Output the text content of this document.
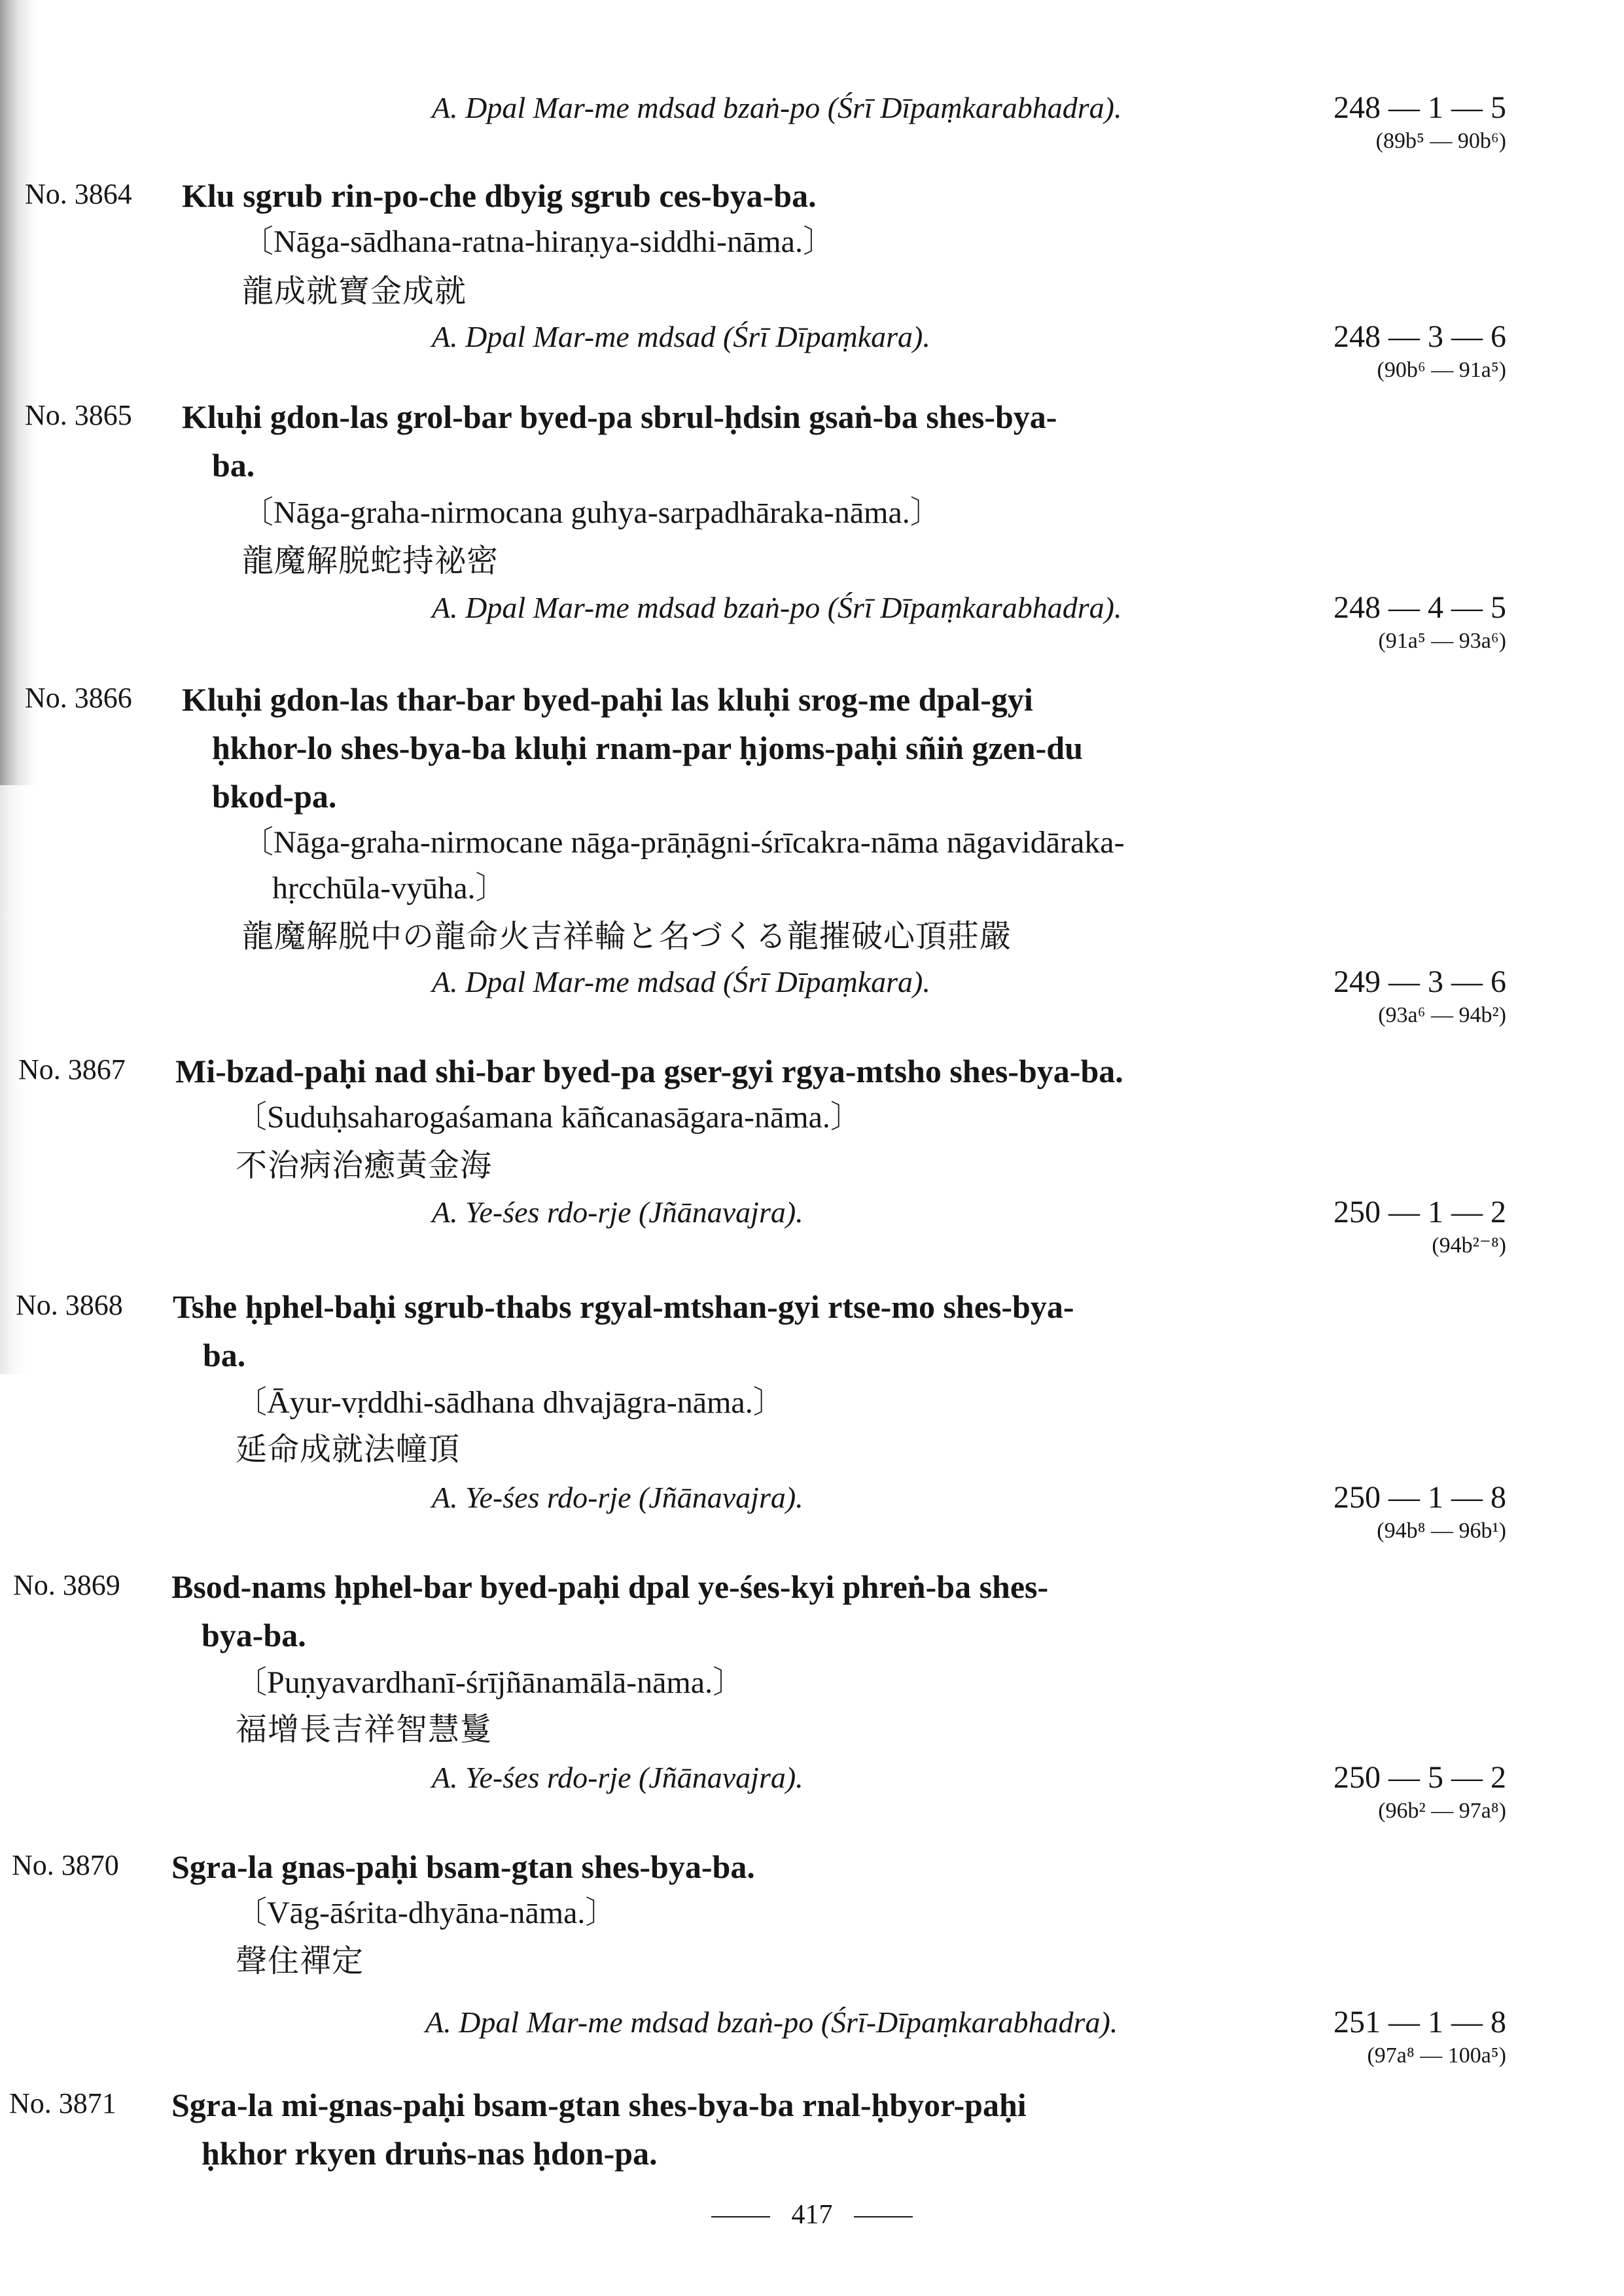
A. Dpal Mar-me mdsad bzaṅ-po (Śrī Dīpaṃkarabhadra).	248 — 1 — 5
(89b⁵ — 90b⁶)
No. 3864	Klu sgrub rin-po-che dbyig sgrub ces-bya-ba.
〔Nāga-sādhana-ratna-hiraṇya-siddhi-nāma.〕
龍成就寶金成就
A. Dpal Mar-me mdsad (Śrī Dīpaṃkara).	248 — 3 — 6
(90b⁶ — 91a⁵)
No. 3865	Kluḥi gdon-las grol-bar byed-pa sbrul-ḥdsin gsaṅ-ba shes-bya-
ba.
〔Nāga-graha-nirmocana guhya-sarpadhāraka-nāma.〕
龍魔解脱蛇持祕密
A. Dpal Mar-me mdsad bzaṅ-po (Śrī Dīpaṃkarabhadra).	248 — 4 — 5
(91a⁵ — 93a⁶)
No. 3866	Kluḥi gdon-las thar-bar byed-paḥi las kluḥi srog-me dpal-gyi
ḥkhor-lo shes-bya-ba kluḥi rnam-par ḥjoms-paḥi sñiṅ gzen-du
bkod-pa.
〔Nāga-graha-nirmocane nāga-prāṇāgni-śrīcakra-nāma nāgavidāraka-
hṛcchūla-vyūha.〕
龍魔解脱中の龍命火吉祥輪と名づくる龍摧破心頂莊嚴
A. Dpal Mar-me mdsad (Śrī Dīpaṃkara).	249 — 3 — 6
(93a⁶ — 94b²)
No. 3867	Mi-bzad-paḥi nad shi-bar byed-pa gser-gyi rgya-mtsho shes-bya-ba.
〔Suduḥsaharogaśamana kāñcanasāgara-nāma.〕
不治病治癒黃金海
A. Ye-śes rdo-rje (Jñānavajra).	250 — 1 — 2
(94b²⁻⁸)
No. 3868	Tshe ḥphel-baḥi sgrub-thabs rgyal-mtshan-gyi rtse-mo shes-bya-
ba.
〔Āyur-vṛddhi-sādhana dhvajāgra-nāma.〕
延命成就法幢頂
A. Ye-śes rdo-rje (Jñānavajra).	250 — 1 — 8
(94b⁸ — 96b¹)
No. 3869	Bsod-nams ḥphel-bar byed-paḥi dpal ye-śes-kyi phreṅ-ba shes-
bya-ba.
〔Puṇyavardhanī-śrījñānamālā-nāma.〕
福增長吉祥智慧鬘
A. Ye-śes rdo-rje (Jñānavajra).	250 — 5 — 2
(96b² — 97a⁸)
No. 3870	Sgra-la gnas-paḥi bsam-gtan shes-bya-ba.
〔Vāg-āśrita-dhyāna-nāma.〕
聲住禪定
A. Dpal Mar-me mdsad bzaṅ-po (Śrī-Dīpaṃkarabhadra).	251 — 1 — 8
(97a⁸ — 100a⁵)
No. 3871	Sgra-la mi-gnas-paḥi bsam-gtan shes-bya-ba rnal-ḥbyor-paḥi
ḥkhor rkyen druṅs-nas ḥdon-pa.
417
